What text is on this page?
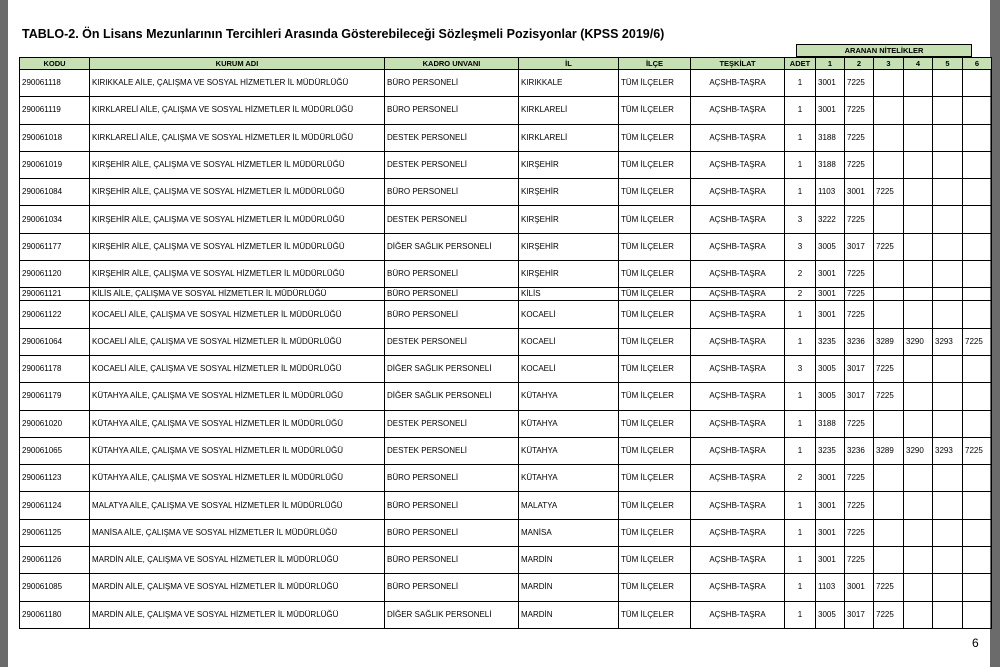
TABLO-2. Ön Lisans Mezunlarının Tercihleri Arasında Gösterebileceği Sözleşmeli Pozisyonlar (KPSS 2019/6)
ARANAN NİTELİKLER
KODU	KURUM ADI	KADRO UNVANI	İL	İLÇE	TEŞKİLAT	ADET	1	2	3	4	5	6
290061118	KIRIKKALE AİLE, ÇALIŞMA VE SOSYAL HİZMETLER İL MÜDÜRLÜĞÜ	BÜRO PERSONELİ	KIRIKKALE	TÜM İLÇELER	AÇSHB-TAŞRA	1	3001	7225				
290061119	KIRKLARELİ AİLE, ÇALIŞMA VE SOSYAL HİZMETLER İL MÜDÜRLÜĞÜ	BÜRO PERSONELİ	KIRKLARELİ	TÜM İLÇELER	AÇSHB-TAŞRA	1	3001	7225				
290061018	KIRKLARELİ AİLE, ÇALIŞMA VE SOSYAL HİZMETLER İL MÜDÜRLÜĞÜ	DESTEK PERSONELİ	KIRKLARELİ	TÜM İLÇELER	AÇSHB-TAŞRA	1	3188	7225				
290061019	KIRŞEHİR AİLE, ÇALIŞMA VE SOSYAL HİZMETLER İL MÜDÜRLÜĞÜ	DESTEK PERSONELİ	KIRŞEHİR	TÜM İLÇELER	AÇSHB-TAŞRA	1	3188	7225				
290061084	KIRŞEHİR AİLE, ÇALIŞMA VE SOSYAL HİZMETLER İL MÜDÜRLÜĞÜ	BÜRO PERSONELİ	KIRŞEHİR	TÜM İLÇELER	AÇSHB-TAŞRA	1	1103	3001	7225			
290061034	KIRŞEHİR AİLE, ÇALIŞMA VE SOSYAL HİZMETLER İL MÜDÜRLÜĞÜ	DESTEK PERSONELİ	KIRŞEHİR	TÜM İLÇELER	AÇSHB-TAŞRA	3	3222	7225				
290061177	KIRŞEHİR AİLE, ÇALIŞMA VE SOSYAL HİZMETLER İL MÜDÜRLÜĞÜ	DİĞER SAĞLIK PERSONELİ	KIRŞEHİR	TÜM İLÇELER	AÇSHB-TAŞRA	3	3005	3017	7225			
290061120	KIRŞEHİR AİLE, ÇALIŞMA VE SOSYAL HİZMETLER İL MÜDÜRLÜĞÜ	BÜRO PERSONELİ	KIRŞEHİR	TÜM İLÇELER	AÇSHB-TAŞRA	2	3001	7225				
290061121	KİLİS AİLE, ÇALIŞMA VE SOSYAL HİZMETLER İL MÜDÜRLÜĞÜ	BÜRO PERSONELİ	KİLİS	TÜM İLÇELER	AÇSHB-TAŞRA	2	3001	7225				
290061122	KOCAELİ AİLE, ÇALIŞMA VE SOSYAL HİZMETLER İL MÜDÜRLÜĞÜ	BÜRO PERSONELİ	KOCAELİ	TÜM İLÇELER	AÇSHB-TAŞRA	1	3001	7225				
290061064	KOCAELİ AİLE, ÇALIŞMA VE SOSYAL HİZMETLER İL MÜDÜRLÜĞÜ	DESTEK PERSONELİ	KOCAELİ	TÜM İLÇELER	AÇSHB-TAŞRA	1	3235	3236	3289	3290	3293	7225
290061178	KOCAELİ AİLE, ÇALIŞMA VE SOSYAL HİZMETLER İL MÜDÜRLÜĞÜ	DİĞER SAĞLIK PERSONELİ	KOCAELİ	TÜM İLÇELER	AÇSHB-TAŞRA	3	3005	3017	7225			
290061179	KÜTAHYA AİLE, ÇALIŞMA VE SOSYAL HİZMETLER İL MÜDÜRLÜĞÜ	DİĞER SAĞLIK PERSONELİ	KÜTAHYA	TÜM İLÇELER	AÇSHB-TAŞRA	1	3005	3017	7225			
290061020	KÜTAHYA AİLE, ÇALIŞMA VE SOSYAL HİZMETLER İL MÜDÜRLÜĞÜ	DESTEK PERSONELİ	KÜTAHYA	TÜM İLÇELER	AÇSHB-TAŞRA	1	3188	7225				
290061065	KÜTAHYA AİLE, ÇALIŞMA VE SOSYAL HİZMETLER İL MÜDÜRLÜĞÜ	DESTEK PERSONELİ	KÜTAHYA	TÜM İLÇELER	AÇSHB-TAŞRA	1	3235	3236	3289	3290	3293	7225
290061123	KÜTAHYA AİLE, ÇALIŞMA VE SOSYAL HİZMETLER İL MÜDÜRLÜĞÜ	BÜRO PERSONELİ	KÜTAHYA	TÜM İLÇELER	AÇSHB-TAŞRA	2	3001	7225				
290061124	MALATYA AİLE, ÇALIŞMA VE SOSYAL HİZMETLER İL MÜDÜRLÜĞÜ	BÜRO PERSONELİ	MALATYA	TÜM İLÇELER	AÇSHB-TAŞRA	1	3001	7225				
290061125	MANİSA AİLE, ÇALIŞMA VE SOSYAL HİZMETLER İL MÜDÜRLÜĞÜ	BÜRO PERSONELİ	MANİSA	TÜM İLÇELER	AÇSHB-TAŞRA	1	3001	7225				
290061126	MARDİN AİLE, ÇALIŞMA VE SOSYAL HİZMETLER İL MÜDÜRLÜĞÜ	BÜRO PERSONELİ	MARDİN	TÜM İLÇELER	AÇSHB-TAŞRA	1	3001	7225				
290061085	MARDİN AİLE, ÇALIŞMA VE SOSYAL HİZMETLER İL MÜDÜRLÜĞÜ	BÜRO PERSONELİ	MARDİN	TÜM İLÇELER	AÇSHB-TAŞRA	1	1103	3001	7225			
290061180	MARDİN AİLE, ÇALIŞMA VE SOSYAL HİZMETLER İL MÜDÜRLÜĞÜ	DİĞER SAĞLIK PERSONELİ	MARDİN	TÜM İLÇELER	AÇSHB-TAŞRA	1	3005	3017	7225			
6
